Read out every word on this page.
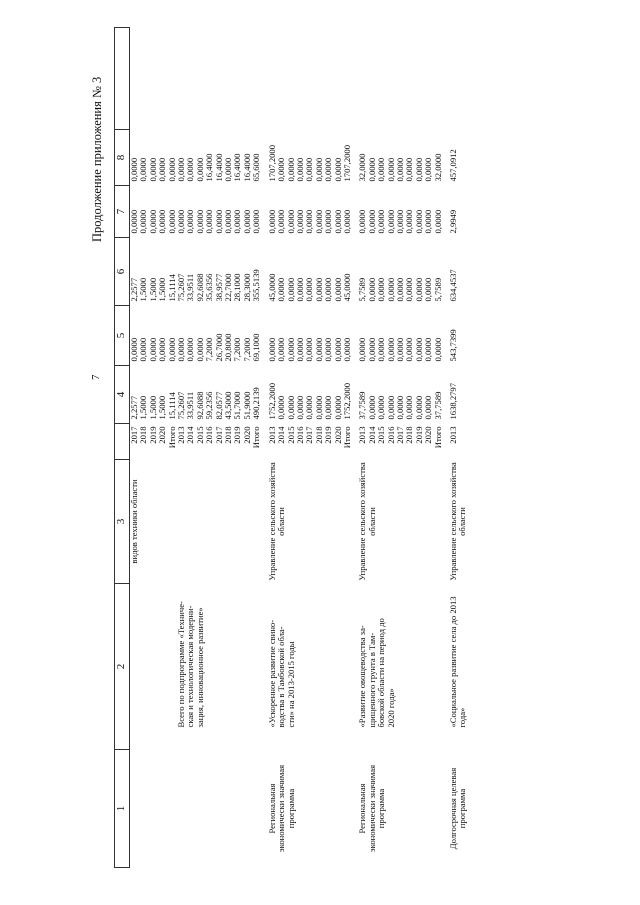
7
Продолжение приложения № 3
1	2	3		4	5	6	7	8	
		видов техники области	2017	2,2577	0,0000	2,2577	0,0000	0,0000	
			2018	1,5000	0,0000	1,5000	0,0000	0,0000	
			2019	1,5000	0,0000	1,5000	0,0000	0,0000	
			2020	1,5000	0,0000	1,5000	0,0000	0,0000	
			Итого	15,1114	0,0000	15,1114	0,0000	0,0000	
	Всего по подпрограмме «Техниче-		2013	75,2607	0,0000	75,2607	0,0000	0,0000	
	ская и технологическая модерни-		2014	33,9511	0,0000	33,9511	0,0000	0,0000	
	зация, инновационное развитие»		2015	92,6088	0,0000	92,6088	0,0000	0,0000	
			2016	59,2356	7,2000	35,6356	0,0000	16,4000	
			2017	82,0577	26,7000	38,9577	0,0000	16,4000	
			2018	43,5000	20,8000	22,7000	0,0000	0,0000	
			2019	51,7000	7,2000	28,1000	0,0000	16,4000	
			2020	51,9000	7,2000	28,3000	0,0000	16,4000	
			Итого	490,2139	69,1000	355,5139	0,0000	65,6000	
Региональная	«Ускоренное развитие свино-	Управление сельского хозяйства	2013	1752,2000	0,0000	45,0000	0,0000	1707,2000	
экономически значимая	водства в Тамбовской обла-	области	2014	0,0000	0,0000	0,0000	0,0000	0,0000	
программа	сти» на 2013-2015 годы		2015	0,0000	0,0000	0,0000	0,0000	0,0000	
			2016	0,0000	0,0000	0,0000	0,0000	0,0000	
			2017	0,0000	0,0000	0,0000	0,0000	0,0000	
			2018	0,0000	0,0000	0,0000	0,0000	0,0000	
			2019	0,0000	0,0000	0,0000	0,0000	0,0000	
			2020	0,0000	0,0000	0,0000	0,0000	0,0000	
			Итого	1752,2000	0,0000	45,0000	0,0000	1707,2000	
Региональная	«Развитие овощеводства за-	Управление сельского хозяйства	2013	37,7589	0,0000	5,7589	0,0000	32,0000	
экономически значимая	щищенного грунта в Там-	области	2014	0,0000	0,0000	0,0000	0,0000	0,0000	
программа	бовской области на период до		2015	0,0000	0,0000	0,0000	0,0000	0,0000	
	2020 года»		2016	0,0000	0,0000	0,0000	0,0000	0,0000	
			2017	0,0000	0,0000	0,0000	0,0000	0,0000	
			2018	0,0000	0,0000	0,0000	0,0000	0,0000	
			2019	0,0000	0,0000	0,0000	0,0000	0,0000	
			2020	0,0000	0,0000	0,0000	0,0000	0,0000	
			Итого	37,7589	0,0000	5,7589	0,0000	32,0000	
Долгосрочная целевая программа	«Социальное развитие села до 2013 года»	Управление сельского хозяйства области	2013	1638,2797	543,7399	634,4537	2,9949	457,0912	
